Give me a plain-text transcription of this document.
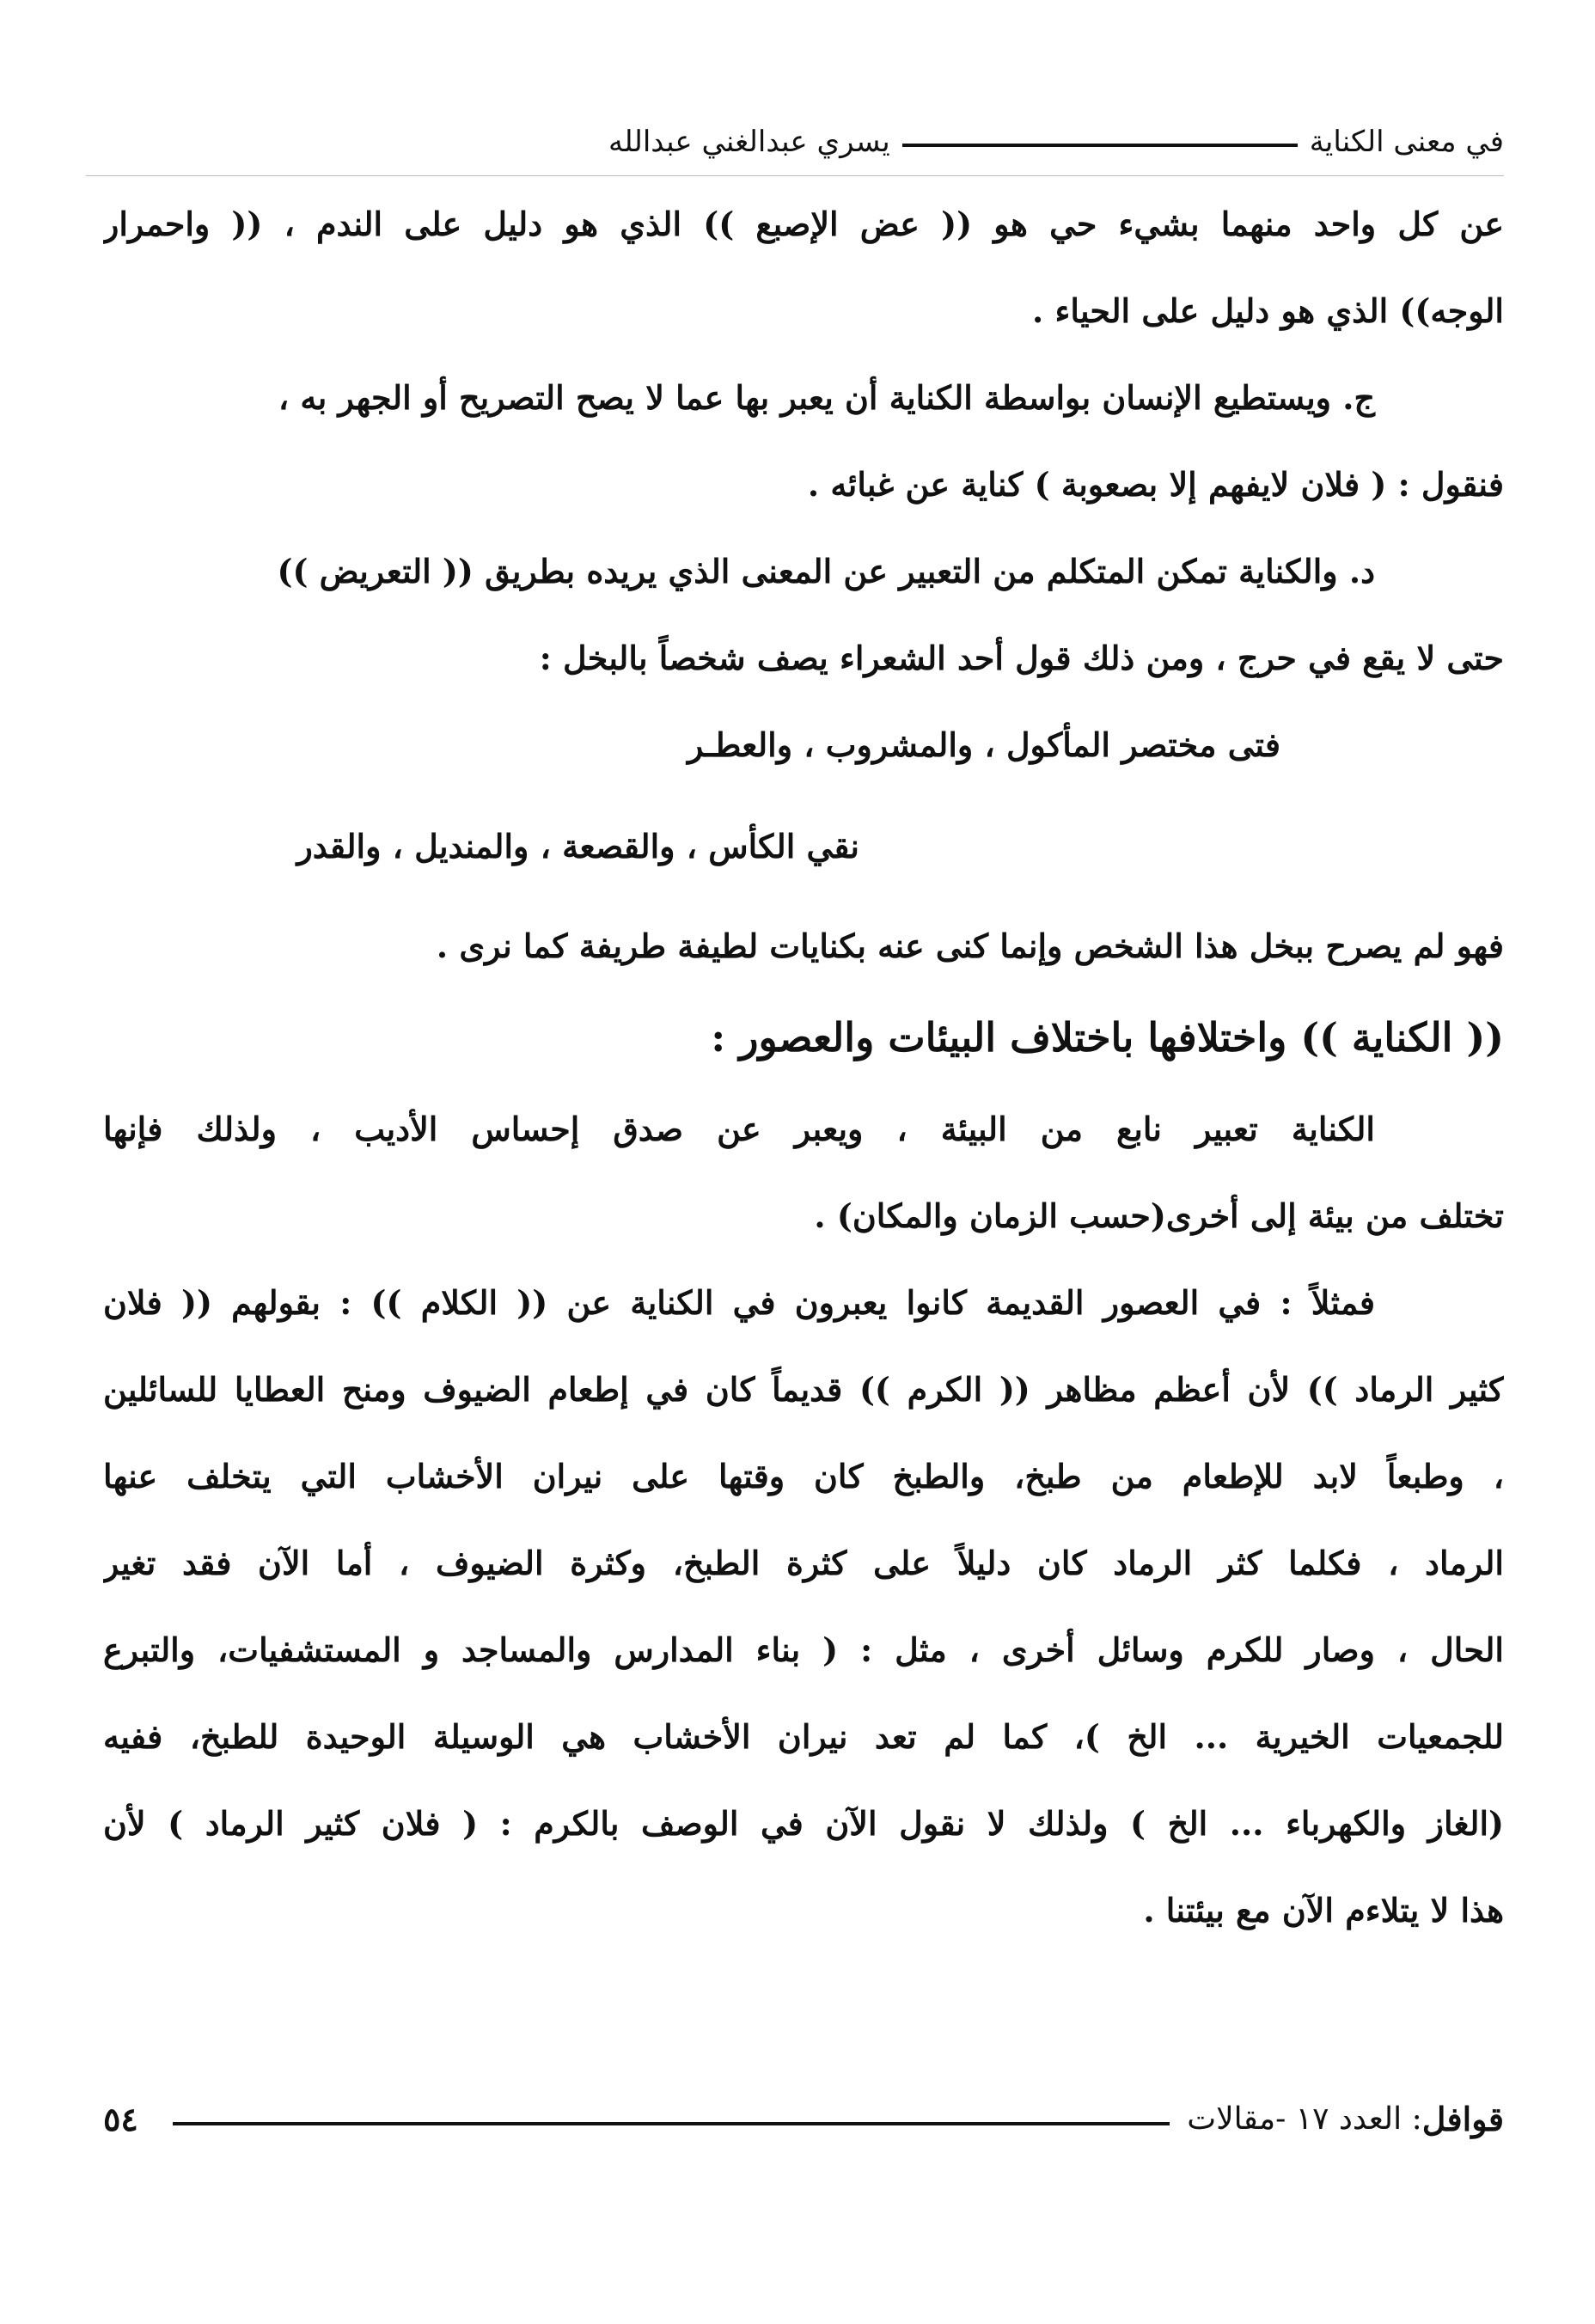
في معنى الكناية
يسري عبدالغني عبدالله
عن كل واحد منهما بشيء حي هو (( عض الإصبع )) الذي هو دليل على الندم ، (( واحمرار
الوجه)) الذي هو دليل على الحياء .
ج. ويستطيع الإنسان بواسطة الكناية أن يعبر بها عما لا يصح التصريح أو الجهر به ،
فنقول : ( فلان لايفهم إلا بصعوبة ) كناية عن غبائه .
د. والكناية تمكن المتكلم من التعبير عن المعنى الذي يريده بطريق (( التعريض ))
حتى لا يقع في حرج ، ومن ذلك قول أحد الشعراء يصف شخصاً بالبخل :
فتى مختصر المأكول ، والمشروب ، والعطـر
نقي الكأس ، والقصعة ، والمنديل ، والقدر
فهو لم يصرح ببخل هذا الشخص وإنما كنى عنه بكنايات لطيفة طريفة كما نرى .
(( الكناية )) واختلافها باختلاف البيئات والعصور :
الكناية تعبير نابع من البيئة ، ويعبر عن صدق إحساس الأديب ، ولذلك فإنها
تختلف من بيئة إلى أخرى(حسب الزمان والمكان) .
فمثلاً : في العصور القديمة كانوا يعبرون في الكناية عن (( الكلام )) : بقولهم (( فلان
كثير الرماد )) لأن أعظم مظاهر (( الكرم )) قديماً كان في إطعام الضيوف ومنح العطايا للسائلين
، وطبعاً لابد للإطعام من طبخ، والطبخ كان وقتها على نيران الأخشاب التي يتخلف عنها
الرماد ، فكلما كثر الرماد كان دليلاً على كثرة الطبخ، وكثرة الضيوف ، أما الآن فقد تغير
الحال ، وصار للكرم وسائل أخرى ، مثل : ( بناء المدارس والمساجد و المستشفيات، والتبرع
للجمعيات الخيرية ... الخ )، كما لم تعد نيران الأخشاب هي الوسيلة الوحيدة للطبخ، ففيه
(الغاز والكهرباء ... الخ ) ولذلك لا نقول الآن في الوصف بالكرم : ( فلان كثير الرماد ) لأن
هذا لا يتلاءم الآن مع بيئتنا .
قوافل
: العدد ١٧ -مقالات
٥٤
